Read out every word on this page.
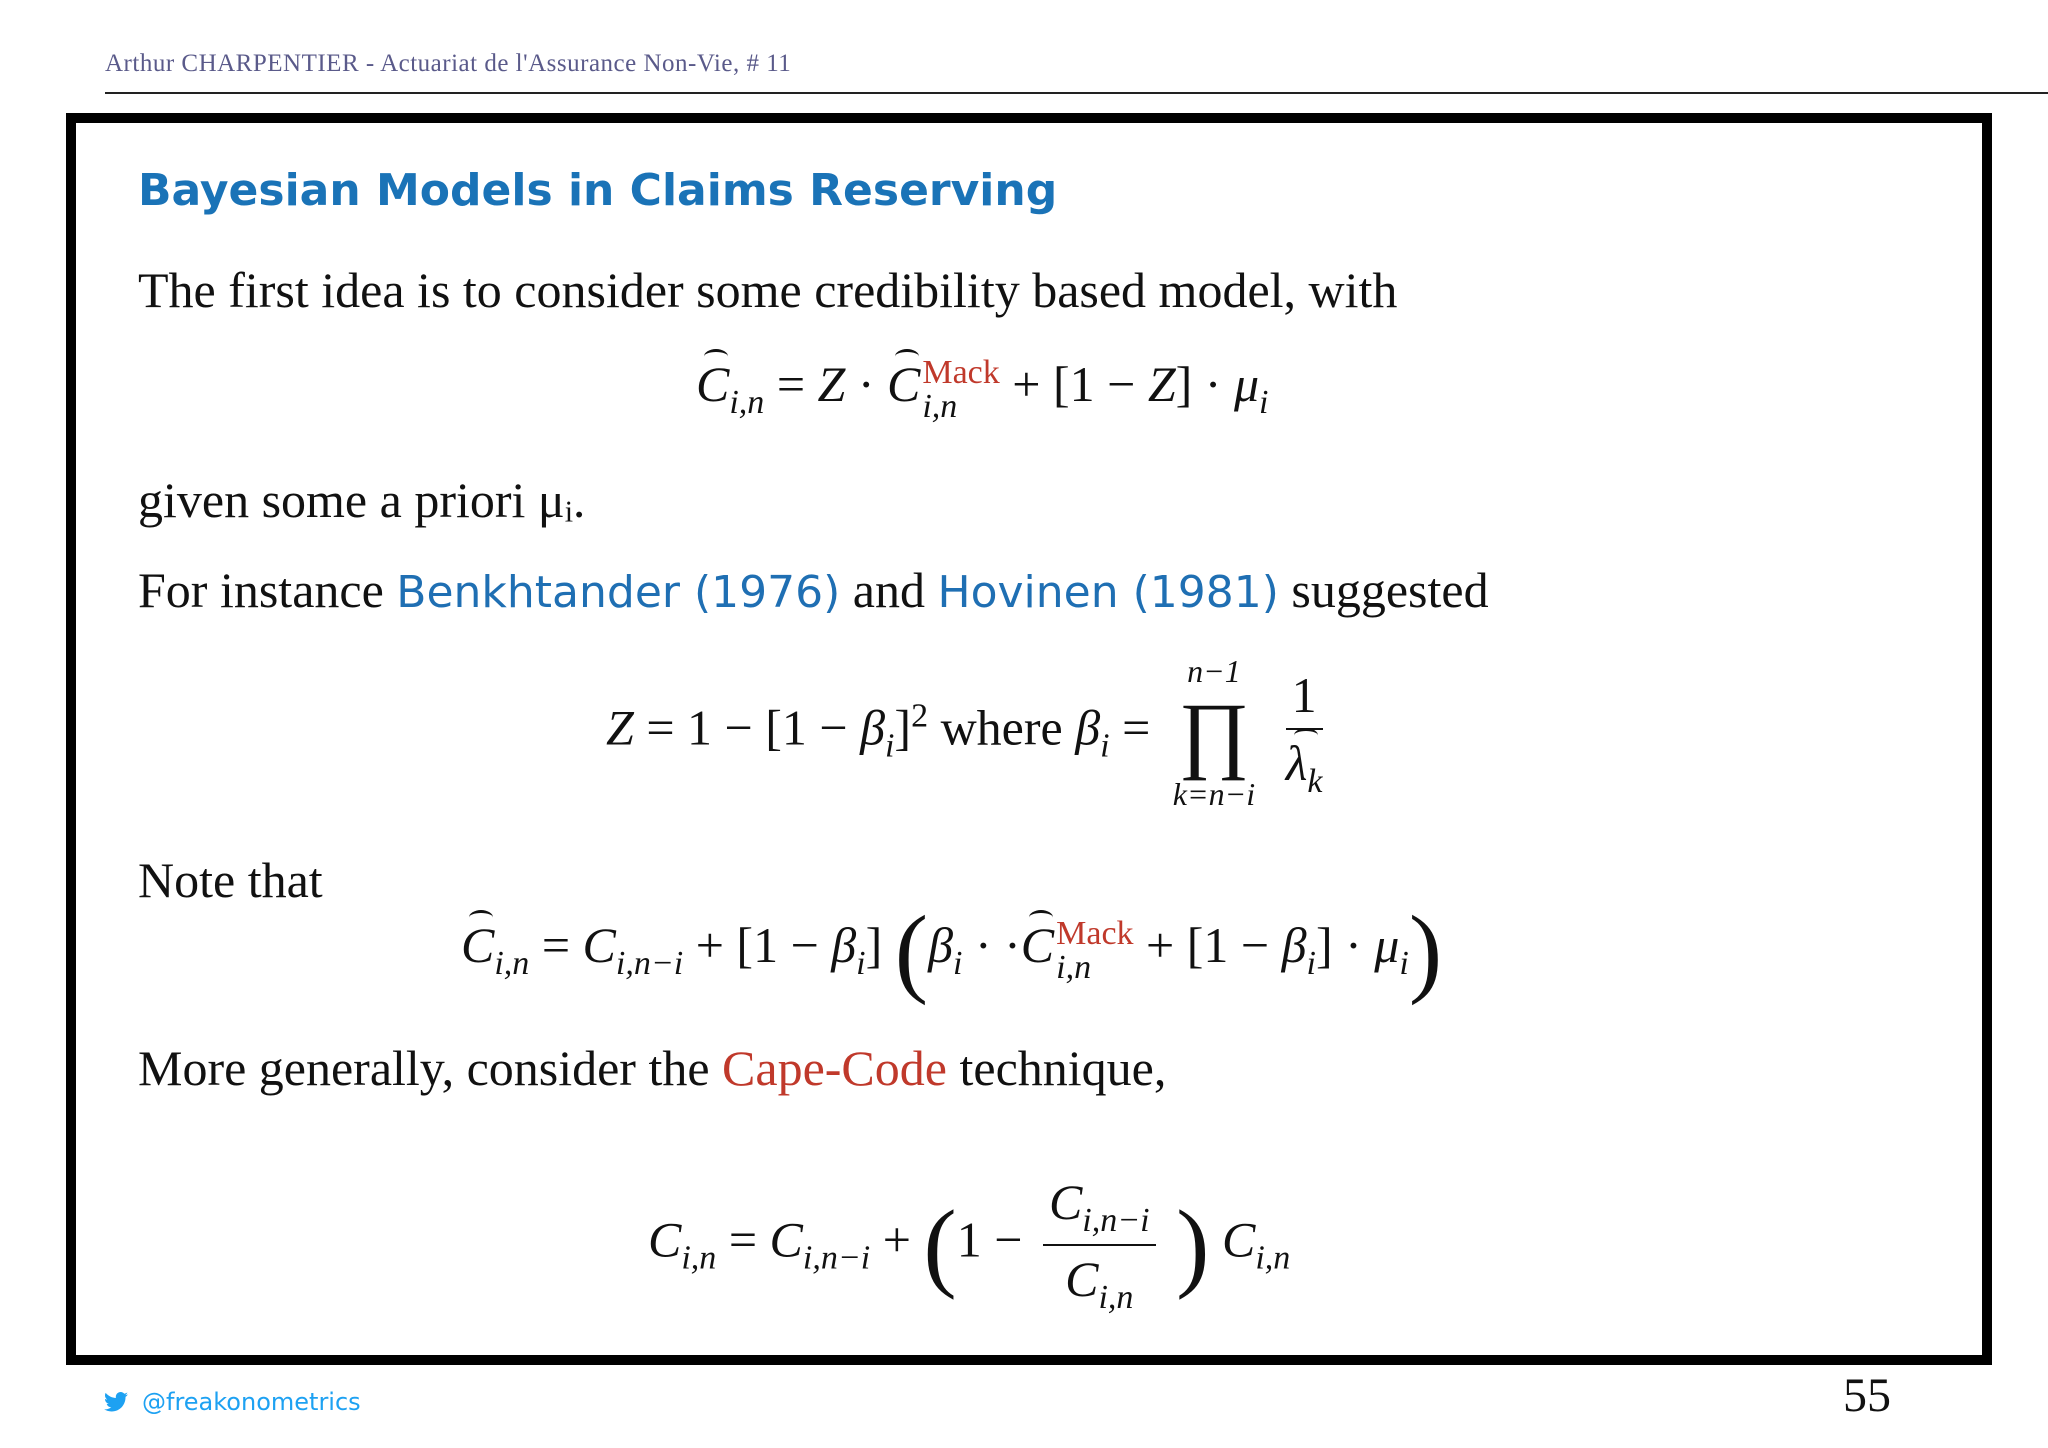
Arthur CHARPENTIER - Actuariat de l'Assurance Non-Vie, # 11
Bayesian Models in Claims Reserving
The first idea is to consider some credibility based model, with
$C_{i,n} = Z \cdot C$ Mack
i,n	+ $[1 - Z] \cdot \mu_i$
given some a priori μᵢ.
For instance Benkhtander (1976) and Hovinen (1981) suggested
$Z = 1 - [1 - \beta_i]^2$ where $\beta_i$ =
n−1
∏
k=n−i
$\frac{1}{\lambda_k}$
Note that
$C_{i,n} = C_{i,n-i} + [1 - \beta_i] (\beta_i \cdot \cdot C$ Mack
i,n	+ $[1 - \beta_i] \cdot \mu_i$)
More generally, consider the Cape-Code technique,
$C_{i,n} = C_{i,n-i} + (1 - \frac{C_{i,n-i}}{C_{i,n}}$ ) $C_{i,n}$
@freakonometrics	55
